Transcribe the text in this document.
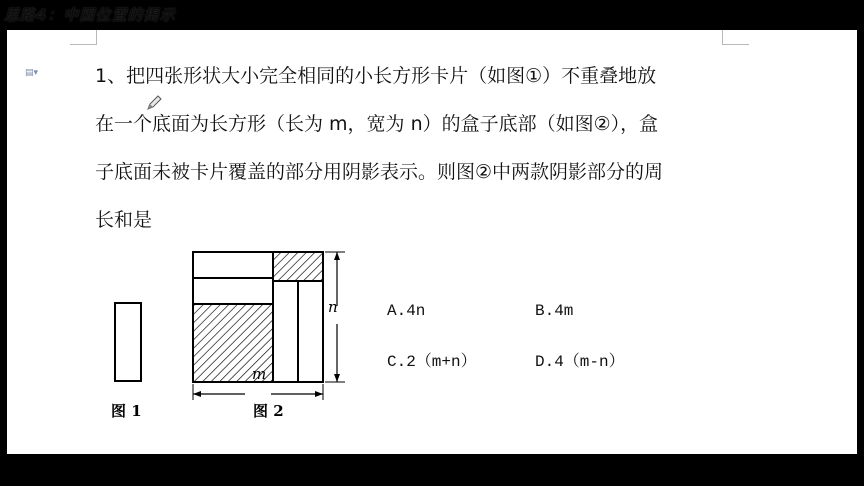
思路4：中国位置的揭示
▤▾	1、把四张形状大小完全相同的小长方形卡片（如图①）不重叠地放
在一个底面为长方形（长为 m，宽为 n）的盒子底部（如图②），盒
子底面未被卡片覆盖的部分用阴影表示。则图②中两款阴影部分的周
长和是
图 1
m
n
图 2
A.4n	B.4m
C.2（m+n）	D.4（m-n）
